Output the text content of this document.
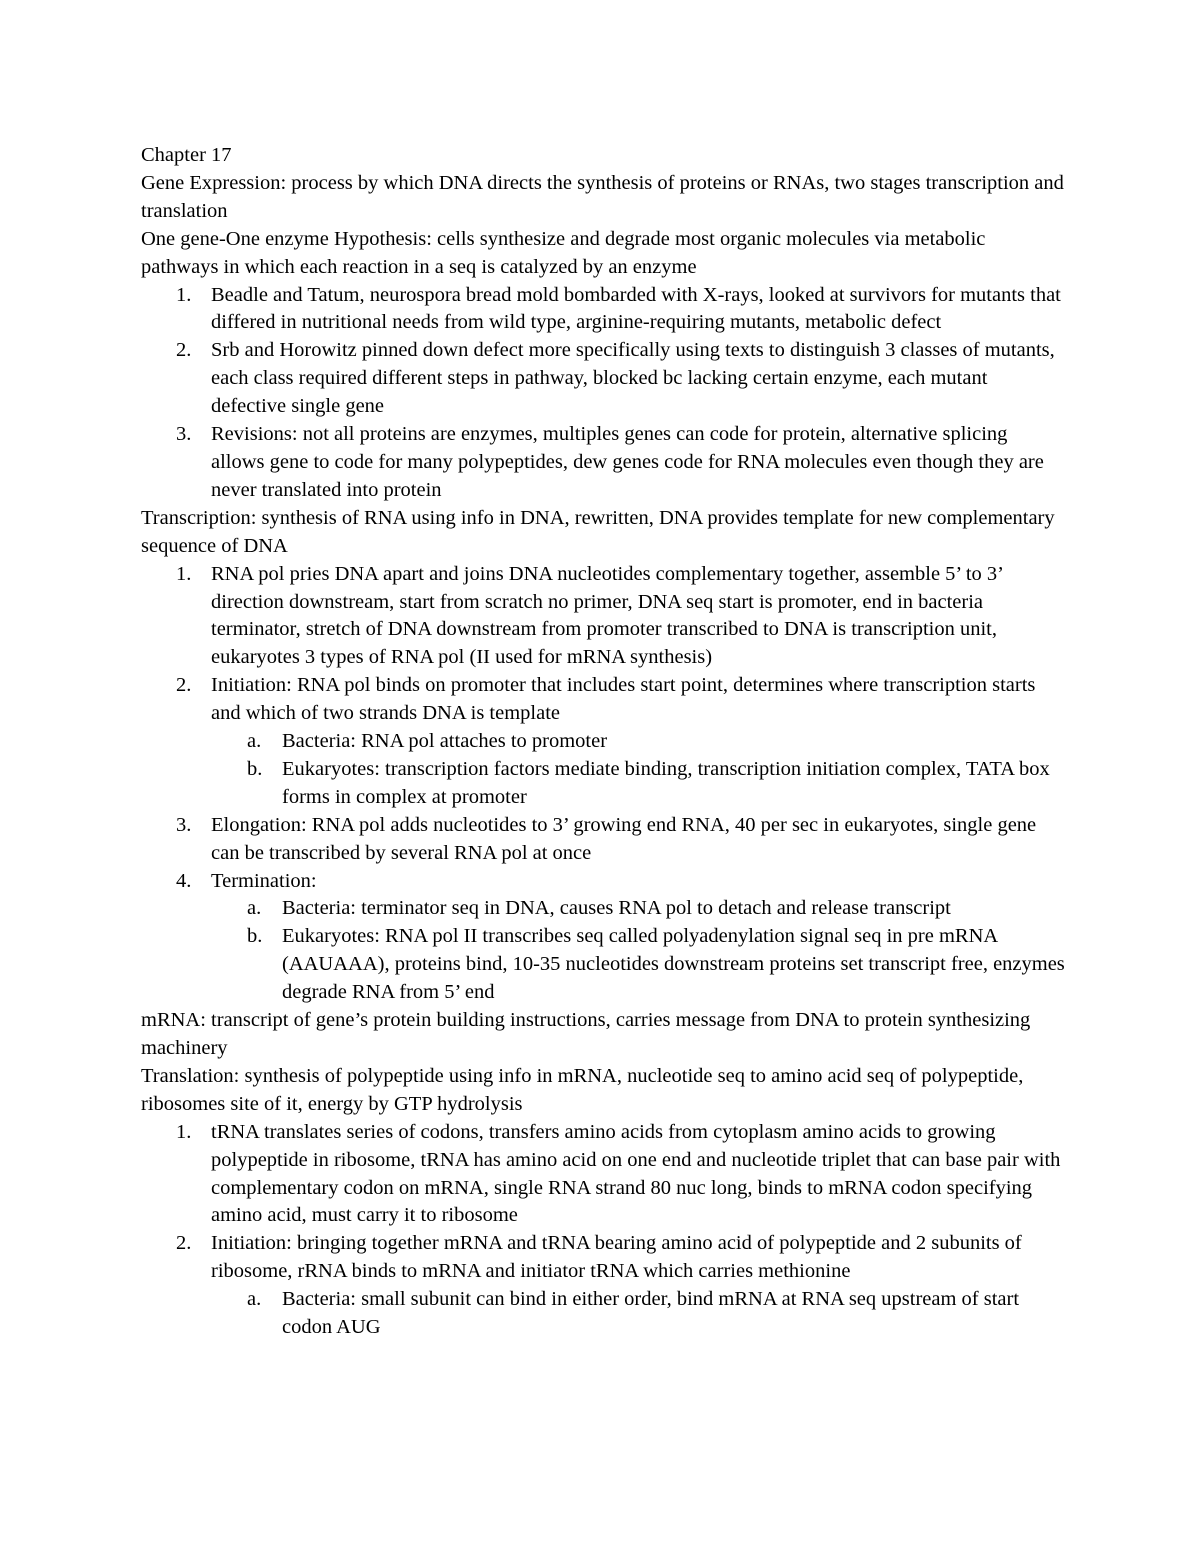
Chapter 17

Gene Expression: process by which DNA directs the synthesis of proteins or RNAs, two stages transcription and translation

One gene-One enzyme Hypothesis: cells synthesize and degrade most organic molecules via metabolic pathways in which each reaction in a seq is catalyzed by an enzyme

1. Beadle and Tatum, neurospora bread mold bombarded with X-rays, looked at survivors for mutants that differed in nutritional needs from wild type, arginine-requiring mutants, metabolic defect
2. Srb and Horowitz pinned down defect more specifically using texts to distinguish 3 classes of mutants, each class required different steps in pathway, blocked bc lacking certain enzyme, each mutant defective single gene
3. Revisions: not all proteins are enzymes, multiples genes can code for protein, alternative splicing allows gene to code for many polypeptides, dew genes code for RNA molecules even though they are never translated into protein

Transcription: synthesis of RNA using info in DNA, rewritten, DNA provides template for new complementary sequence of DNA

1. RNA pol pries DNA apart and joins DNA nucleotides complementary together, assemble 5’ to 3’ direction downstream, start from scratch no primer, DNA seq start is promoter, end in bacteria terminator, stretch of DNA downstream from promoter transcribed to DNA is transcription unit, eukaryotes 3 types of RNA pol (II used for mRNA synthesis)
2. Initiation: RNA pol binds on promoter that includes start point, determines where transcription starts and which of two strands DNA is template
a. Bacteria: RNA pol attaches to promoter
b. Eukaryotes: transcription factors mediate binding, transcription initiation complex, TATA box forms in complex at promoter
3. Elongation: RNA pol adds nucleotides to 3’ growing end RNA, 40 per sec in eukaryotes, single gene can be transcribed by several RNA pol at once
4. Termination:
a. Bacteria: terminator seq in DNA, causes RNA pol to detach and release transcript
b. Eukaryotes: RNA pol II transcribes seq called polyadenylation signal seq in pre mRNA (AAUAAA), proteins bind, 10-35 nucleotides downstream proteins set transcript free, enzymes degrade RNA from 5’ end

mRNA: transcript of gene’s protein building instructions, carries message from DNA to protein synthesizing machinery

Translation: synthesis of polypeptide using info in mRNA, nucleotide seq to amino acid seq of polypeptide, ribosomes site of it, energy by GTP hydrolysis

1. tRNA translates series of codons, transfers amino acids from cytoplasm amino acids to growing polypeptide in ribosome, tRNA has amino acid on one end and nucleotide triplet that can base pair with complementary codon on mRNA, single RNA strand 80 nuc long, binds to mRNA codon specifying amino acid, must carry it to ribosome
2. Initiation: bringing together mRNA and tRNA bearing amino acid of polypeptide and 2 subunits of ribosome, rRNA binds to mRNA and initiator tRNA which carries methionine
a. Bacteria: small subunit can bind in either order, bind mRNA at RNA seq upstream of start codon AUG
